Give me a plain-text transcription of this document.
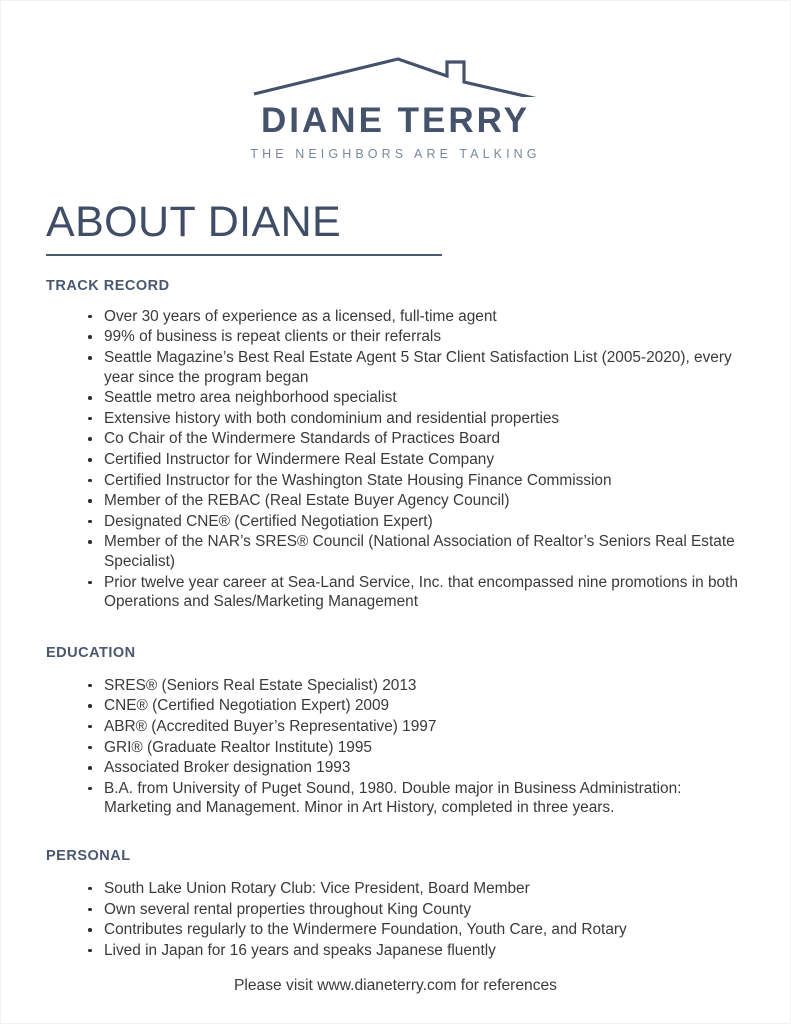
DIANE TERRY
THE NEIGHBORS ARE TALKING
ABOUT DIANE
TRACK RECORD
Over 30 years of experience as a licensed, full-time agent
99% of business is repeat clients or their referrals
Seattle Magazine’s Best Real Estate Agent 5 Star Client Satisfaction List (2005-2020), every year since the program began
Seattle metro area neighborhood specialist
Extensive history with both condominium and residential properties
Co Chair of the Windermere Standards of Practices Board
Certified Instructor for Windermere Real Estate Company
Certified Instructor for the Washington State Housing Finance Commission
Member of the REBAC (Real Estate Buyer Agency Council)
Designated CNE® (Certified Negotiation Expert)
Member of the NAR’s SRES® Council (National Association of Realtor’s Seniors Real Estate Specialist)
Prior twelve year career at Sea-Land Service, Inc. that encompassed nine promotions in both Operations and Sales/Marketing Management
EDUCATION
SRES® (Seniors Real Estate Specialist) 2013
CNE® (Certified Negotiation Expert) 2009
ABR® (Accredited Buyer’s Representative) 1997
GRI® (Graduate Realtor Institute) 1995
Associated Broker designation 1993
B.A. from University of Puget Sound, 1980. Double major in Business Administration: Marketing and Management. Minor in Art History, completed in three years.
PERSONAL
South Lake Union Rotary Club: Vice President, Board Member
Own several rental properties throughout King County
Contributes regularly to the Windermere Foundation, Youth Care, and Rotary
Lived in Japan for 16 years and speaks Japanese fluently
Please visit www.dianeterry.com for references
